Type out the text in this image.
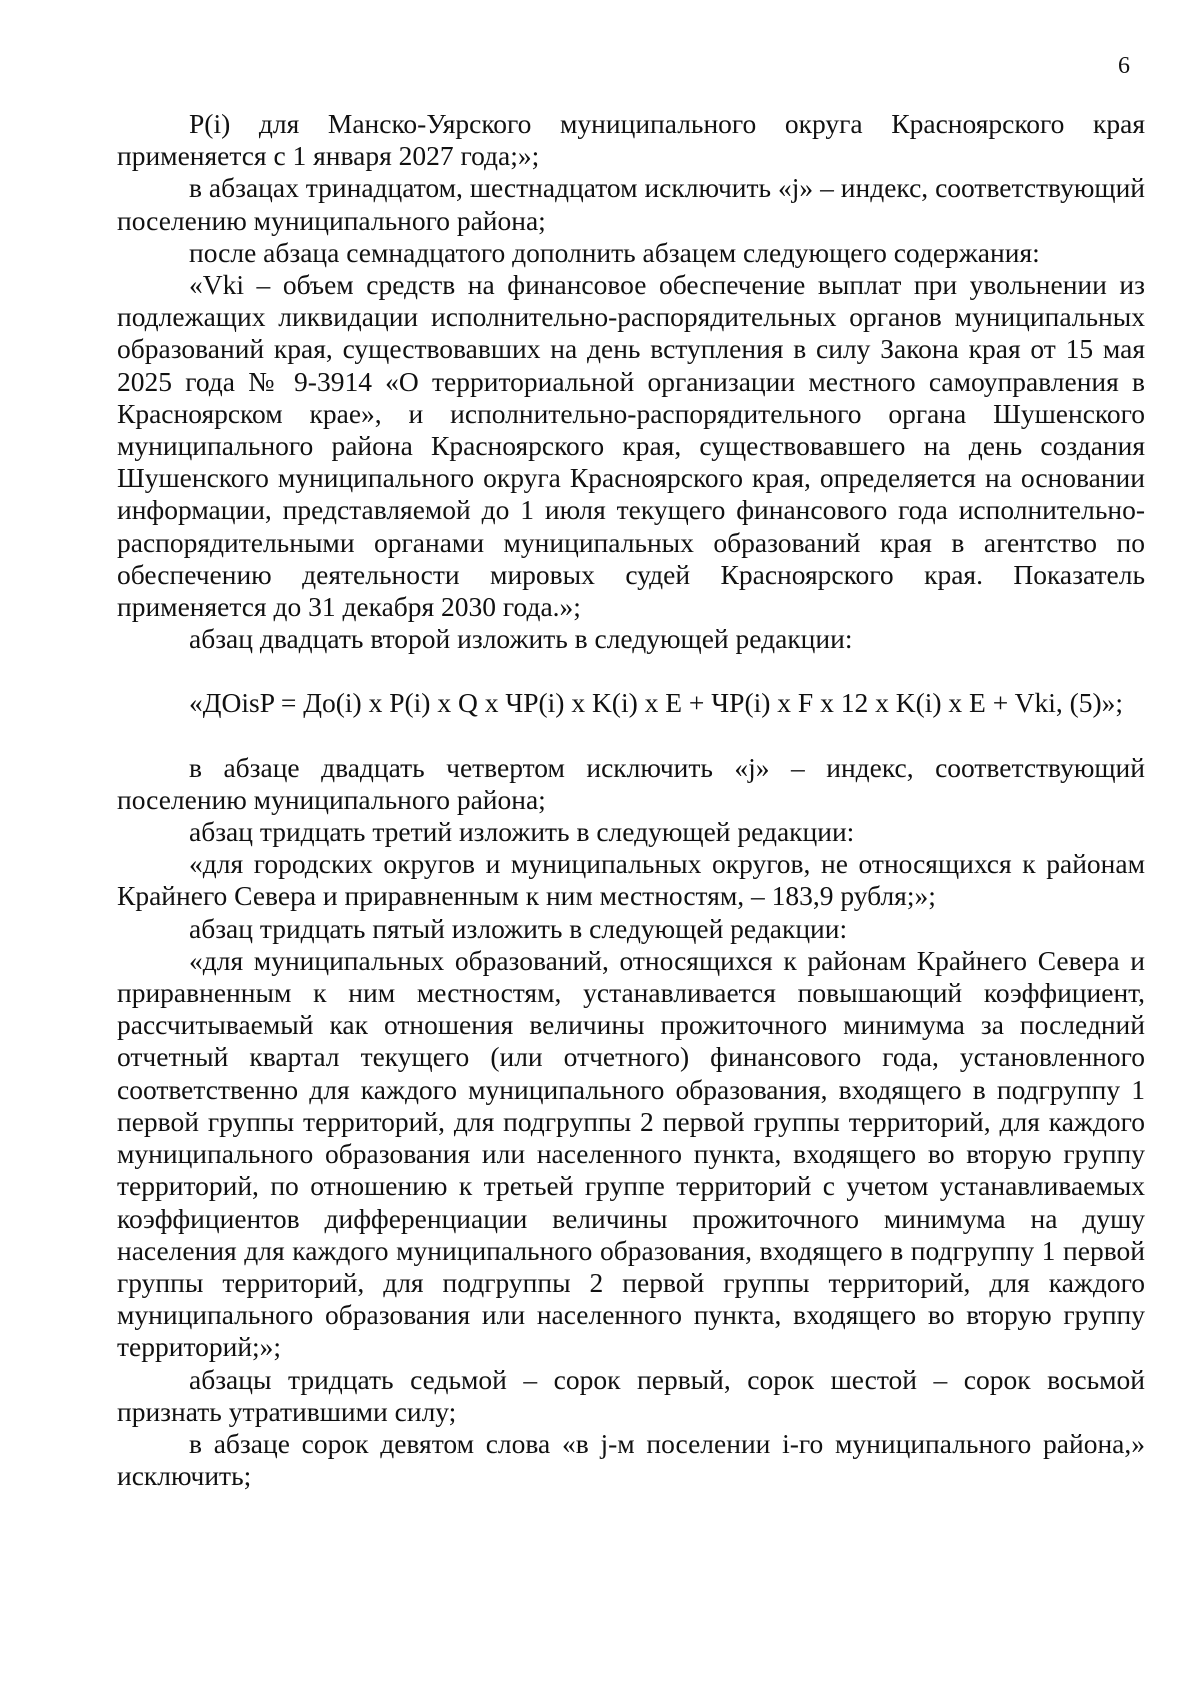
6

P(i) для Манско-Уярского муниципального округа Красноярского края применяется с 1 января 2027 года;»;

в абзацах тринадцатом, шестнадцатом исключить «j» – индекс, соответствующий поселению муниципального района;

после абзаца семнадцатого дополнить абзацем следующего содержания:

«Vki – объем средств на финансовое обеспечение выплат при увольнении из подлежащих ликвидации исполнительно-распорядительных органов муниципальных образований края, существовавших на день вступления в силу Закона края от 15 мая 2025 года № 9-3914 «О территориальной организации местного самоуправления в Красноярском крае», и исполнительно-распорядительного органа Шушенского муниципального района Красноярского края, существовавшего на день создания Шушенского муниципального округа Красноярского края, определяется на основании информации, представляемой до 1 июля текущего финансового года исполнительно-распорядительными органами муниципальных образований края в агентство по обеспечению деятельности мировых судей Красноярского края. Показатель применяется до 31 декабря 2030 года.»;

абзац двадцать второй изложить в следующей редакции:

«ДОisP = До(i) x P(i) x Q x ЧР(i) x K(i) x E + ЧР(i) x F x 12 x K(i) x E + Vki, (5)»;

в абзаце двадцать четвертом исключить «j» – индекс, соответствующий поселению муниципального района;

абзац тридцать третий изложить в следующей редакции:

«для городских округов и муниципальных округов, не относящихся к районам Крайнего Севера и приравненным к ним местностям, – 183,9 рубля;»;

абзац тридцать пятый изложить в следующей редакции:

«для муниципальных образований, относящихся к районам Крайнего Севера и приравненным к ним местностям, устанавливается повышающий коэффициент, рассчитываемый как отношения величины прожиточного минимума за последний отчетный квартал текущего (или отчетного) финансового года, установленного соответственно для каждого муниципального образования, входящего в подгруппу 1 первой группы территорий, для подгруппы 2 первой группы территорий, для каждого муниципального образования или населенного пункта, входящего во вторую группу территорий, по отношению к третьей группе территорий с учетом устанавливаемых коэффициентов дифференциации величины прожиточного минимума на душу населения для каждого муниципального образования, входящего в подгруппу 1 первой группы территорий, для подгруппы 2 первой группы территорий, для каждого муниципального образования или населенного пункта, входящего во вторую группу территорий;»;

абзацы тридцать седьмой – сорок первый, сорок шестой – сорок восьмой признать утратившими силу;

в абзаце сорок девятом слова «в j-м поселении i-го муниципального района,» исключить;
